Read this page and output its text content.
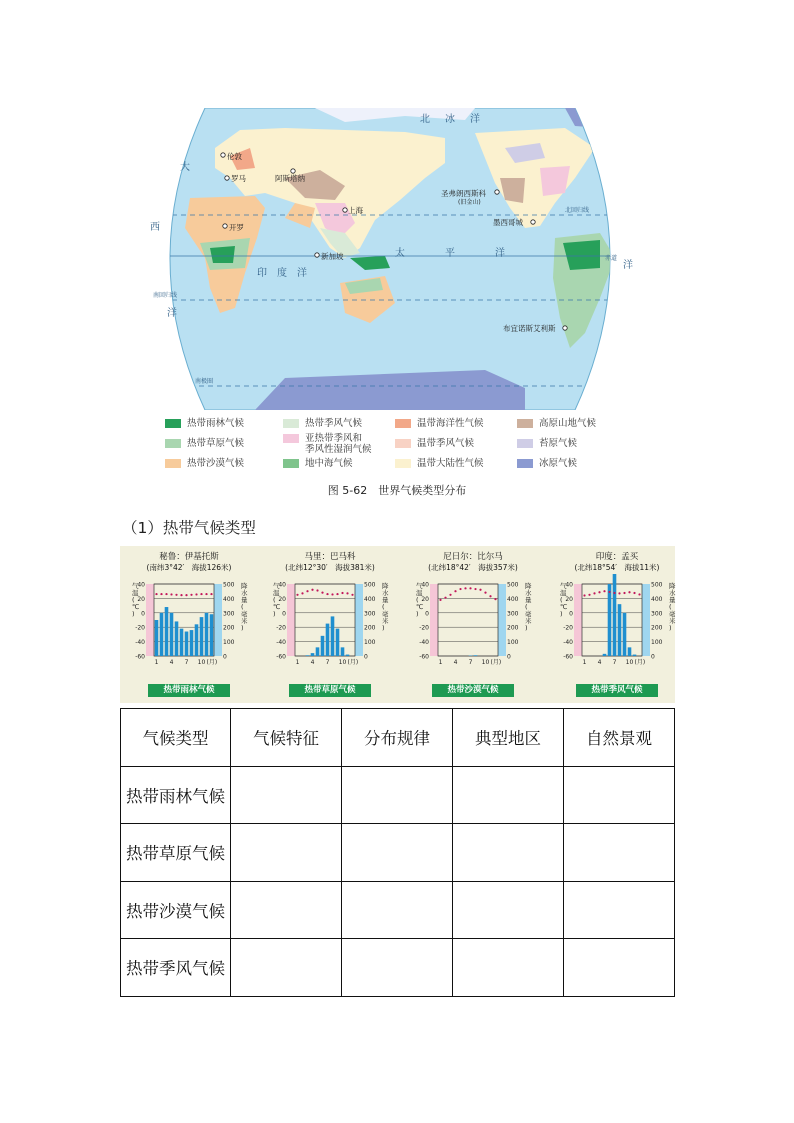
北 冰 洋
大
西
洋
太	平	洋
印 度 洋
洋
北回归线
赤道
南回归线
南极圈
伦敦
罗马	阿斯塔纳
开罗
上海
新加坡
圣弗朗西斯科
(旧金山)
墨西哥城
布宜诺斯艾利斯
热带雨林气候	热带季风气候	温带海洋性气候	高原山地气候
热带草原气候	亚热带季风和
季风性湿润气候
温带季风气候	苔原气候
热带沙漠气候	地中海气候	温带大陆性气候	冰原气候
图 5-62　世界气候类型分布
（1）热带气候类型
秘鲁：伊基托斯
(南纬3°42′　海拔126米)
40
20
0
-20
-40
-60
500
400
300
200
100
0
气温( ℃ )
降水量(毫米)
1 4 7 10 (月)
热带雨林气候
马里：巴马科
(北纬12°30′　海拔381米)
40
20
0
-20
-40
-60
500
400
300
200
100
0
气温( ℃ )
降水量(毫米)
1 4 7 10 (月)
热带草原气候
尼日尔：比尔马
(北纬18°42′　海拔357米)
40
20
0
-20
-40
-60
500
400
300
200
100
0
气温( ℃ )
降水量(毫米)
1 4 7 10 (月)
热带沙漠气候
印度：孟买
(北纬18°54′　海拔11米)
40
20
0
-20
-40
-60
500
400
300
200
100
0
气温( ℃ )
降水量(毫米)
1 4 7 10 (月)
热带季风气候
气候类型	气候特征	分布规律	典型地区	自然景观
热带雨林气候				
热带草原气候				
热带沙漠气候				
热带季风气候				
